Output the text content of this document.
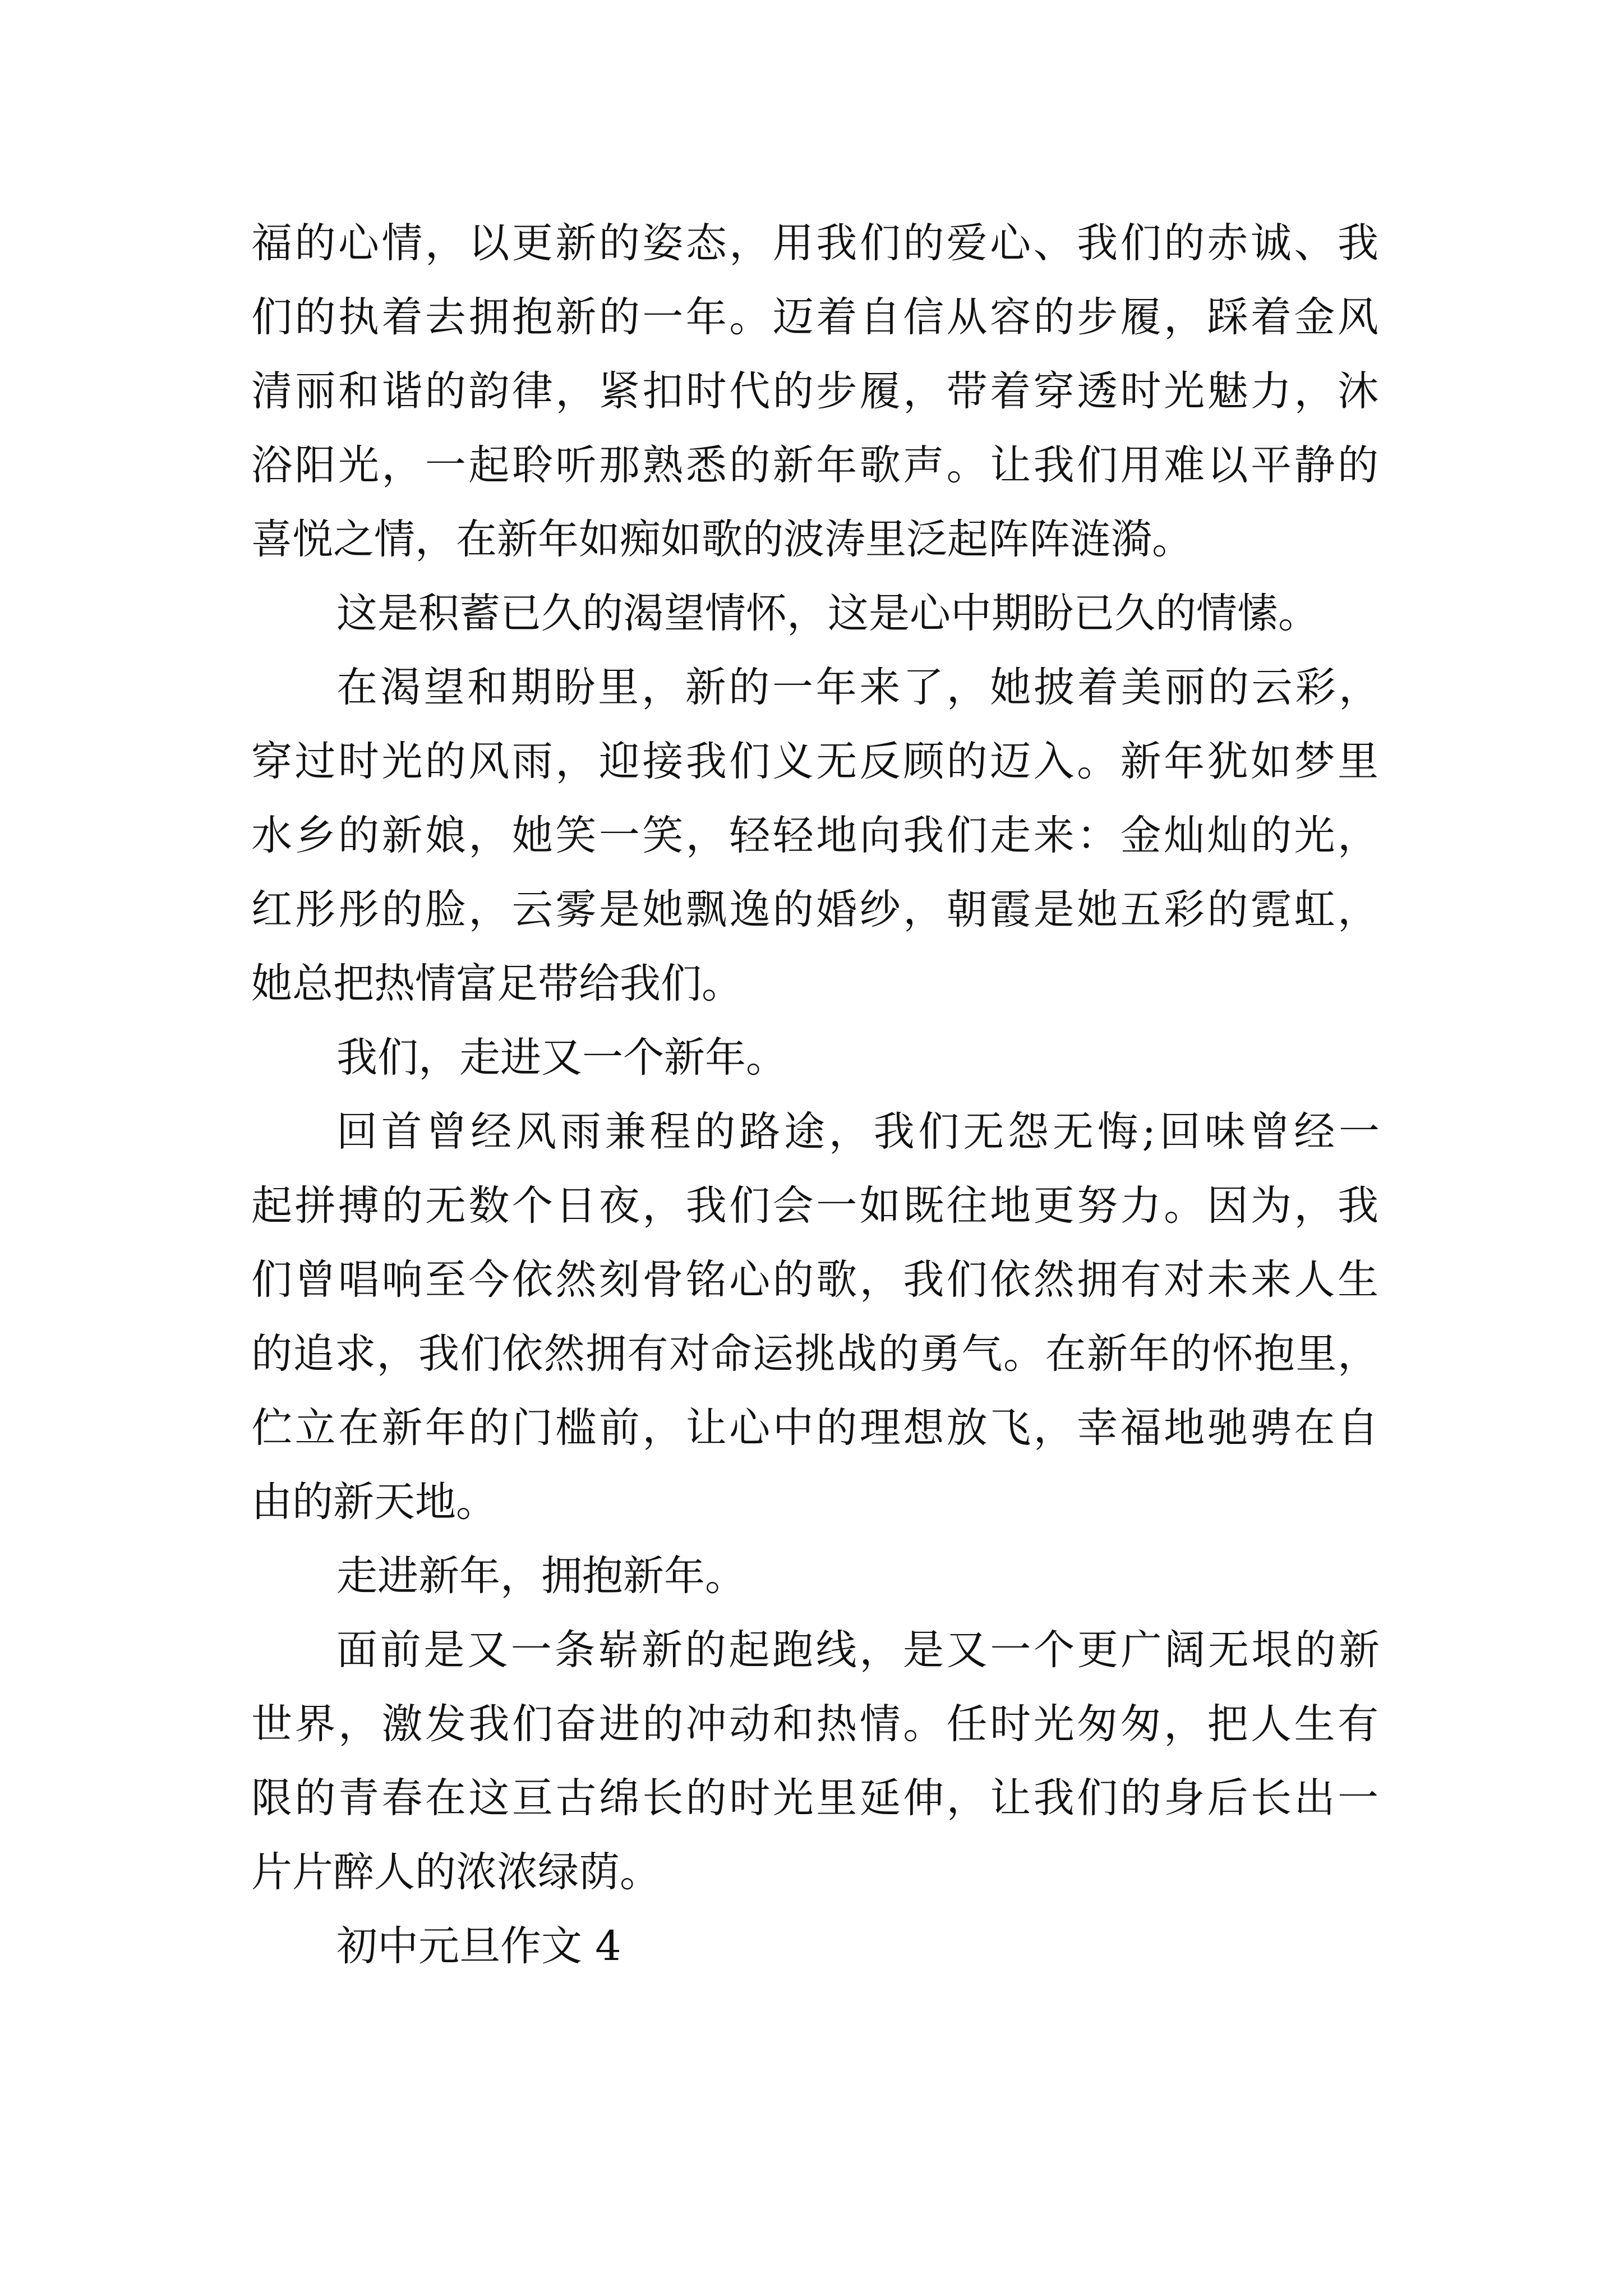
福的心情，以更新的姿态，用我们的爱心、我们的赤诚、我
们的执着去拥抱新的一年。迈着自信从容的步履，踩着金风
清丽和谐的韵律，紧扣时代的步履，带着穿透时光魅力，沐
浴阳光，一起聆听那熟悉的新年歌声。让我们用难以平静的
喜悦之情，在新年如痴如歌的波涛里泛起阵阵涟漪。
这是积蓄已久的渴望情怀，这是心中期盼已久的情愫。
在渴望和期盼里，新的一年来了，她披着美丽的云彩，
穿过时光的风雨，迎接我们义无反顾的迈入。新年犹如梦里
水乡的新娘，她笑一笑，轻轻地向我们走来：金灿灿的光，
红彤彤的脸，云雾是她飘逸的婚纱，朝霞是她五彩的霓虹，
她总把热情富足带给我们。
我们，走进又一个新年。
回首曾经风雨兼程的路途，我们无怨无悔;回味曾经一
起拼搏的无数个日夜，我们会一如既往地更努力。因为，我
们曾唱响至今依然刻骨铭心的歌，我们依然拥有对未来人生
的追求，我们依然拥有对命运挑战的勇气。在新年的怀抱里，
伫立在新年的门槛前，让心中的理想放飞，幸福地驰骋在自
由的新天地。
走进新年，拥抱新年。
面前是又一条崭新的起跑线，是又一个更广阔无垠的新
世界，激发我们奋进的冲动和热情。任时光匆匆，把人生有
限的青春在这亘古绵长的时光里延伸，让我们的身后长出一
片片醉人的浓浓绿荫。
初中元旦作文 4
